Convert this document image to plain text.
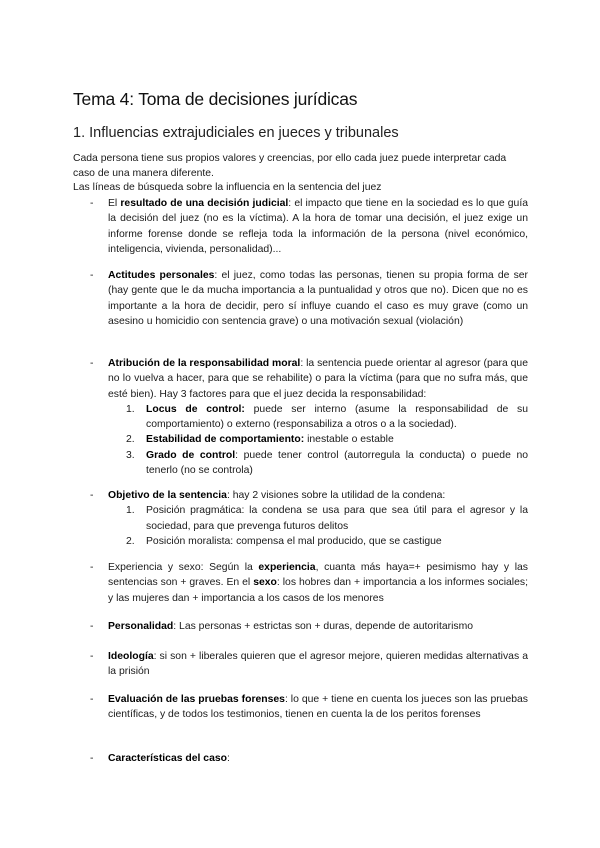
Tema 4: Toma de decisiones jurídicas
1. Influencias extrajudiciales en jueces y tribunales

Cada persona tiene sus propios valores y creencias, por ello cada juez puede interpretar cada caso de una manera diferente.

Las líneas de búsqueda sobre la influencia en la sentencia del juez

- El resultado de una decisión judicial: el impacto que tiene en la sociedad es lo que guía la decisión del juez (no es la víctima). A la hora de tomar una decisión, el juez exige un informe forense donde se refleja toda la información de la persona (nivel económico, inteligencia, vivienda, personalidad)...

- Actitudes personales: el juez, como todas las personas, tienen su propia forma de ser (hay gente que le da mucha importancia a la puntualidad y otros que no). Dicen que no es importante a la hora de decidir, pero sí influye cuando el caso es muy grave (como un asesino u homicidio con sentencia grave) o una motivación sexual (violación)

- Atribución de la responsabilidad moral: la sentencia puede orientar al agresor (para que no lo vuelva a hacer, para que se rehabilite) o para la víctima (para que no sufra más, que esté bien). Hay 3 factores para que el juez decida la responsabilidad:
1. Locus de control: puede ser interno (asume la responsabilidad de su comportamiento) o externo (responsabiliza a otros o a la sociedad).
2. Estabilidad de comportamiento: inestable o estable
3. Grado de control: puede tener control (autorregula la conducta) o puede no tenerlo (no se controla)
- Objetivo de la sentencia: hay 2 visiones sobre la utilidad de la condena:
1. Posición pragmática: la condena se usa para que sea útil para el agresor y la sociedad, para que prevenga futuros delitos
2. Posición moralista: compensa el mal producido, que se castigue
- Experiencia y sexo: Según la experiencia, cuanta más haya=+ pesimismo hay y las sentencias son + graves. En el sexo: los hobres dan + importancia a los informes sociales; y las mujeres dan + importancia a los casos de los menores

- Personalidad: Las personas + estrictas son + duras, depende de autoritarismo

- Ideología: si son + liberales quieren que el agresor mejore, quieren medidas alternativas a la prisión

- Evaluación de las pruebas forenses: lo que + tiene en cuenta los jueces son las pruebas científicas, y de todos los testimonios, tienen en cuenta la de los peritos forenses

- Características del caso:
